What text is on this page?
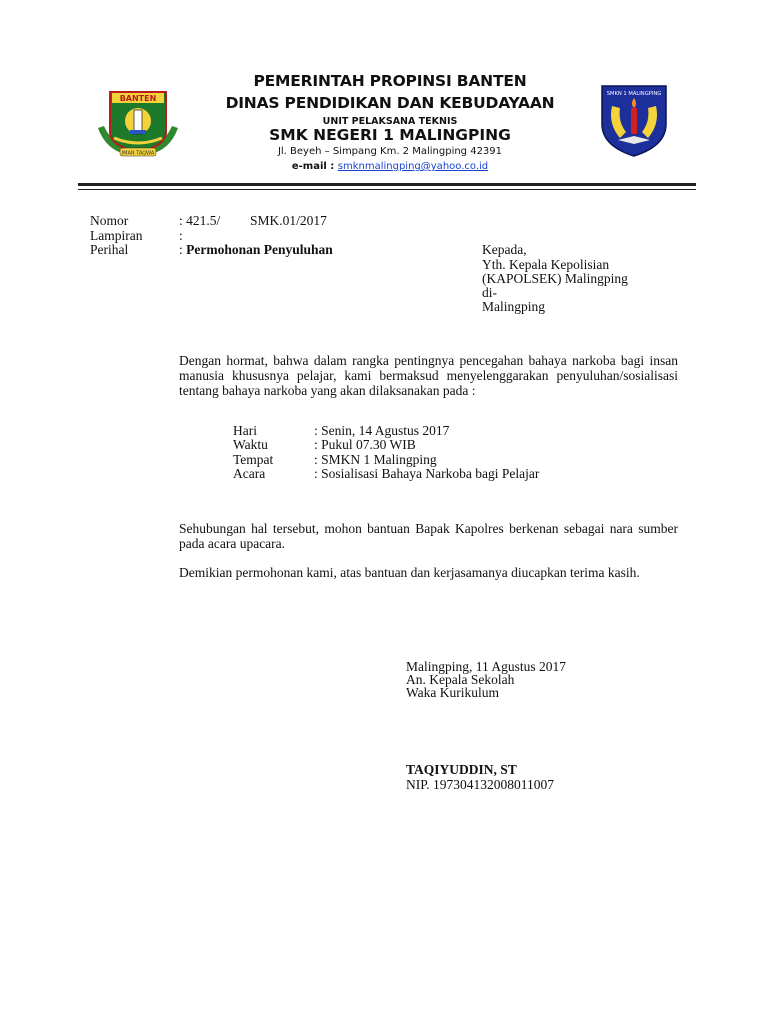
BANTEN
IMAN TAQWA
SMKN 1 MALINGPING
PEMERINTAH PROPINSI BANTEN
DINAS PENDIDIKAN DAN KEBUDAYAAN
UNIT PELAKSANA TEKNIS
SMK NEGERI 1 MALINGPING
Jl. Beyeh – Simpang Km. 2 Malingping 42391
e-mail : smknmalingping@yahoo.co.id
Nomor	: 421.5/ SMK.01/2017
Lampiran	:
Perihal	: Permohonan Penyuluhan	Kepada,
Yth. Kepala Kepolisian
(KAPOLSEK) Malingping
di-
Malingping
Dengan hormat, bahwa dalam rangka pentingnya pencegahan bahaya narkoba bagi insan manusia khususnya pelajar, kami bermaksud menyelenggarakan penyuluhan/sosialisasi tentang bahaya narkoba yang akan dilaksanakan pada :
Hari	: Senin, 14 Agustus 2017
Waktu	: Pukul 07.30 WIB
Tempat	: SMKN 1 Malingping
Acara	: Sosialisasi Bahaya Narkoba bagi Pelajar
Sehubungan hal tersebut, mohon bantuan Bapak Kapolres berkenan sebagai nara sumber pada acara upacara.
Demikian permohonan kami, atas bantuan dan kerjasamanya diucapkan terima kasih.
Malingping, 11 Agustus 2017
An. Kepala Sekolah
Waka Kurikulum
TAQIYUDDIN, ST
NIP. 197304132008011007
